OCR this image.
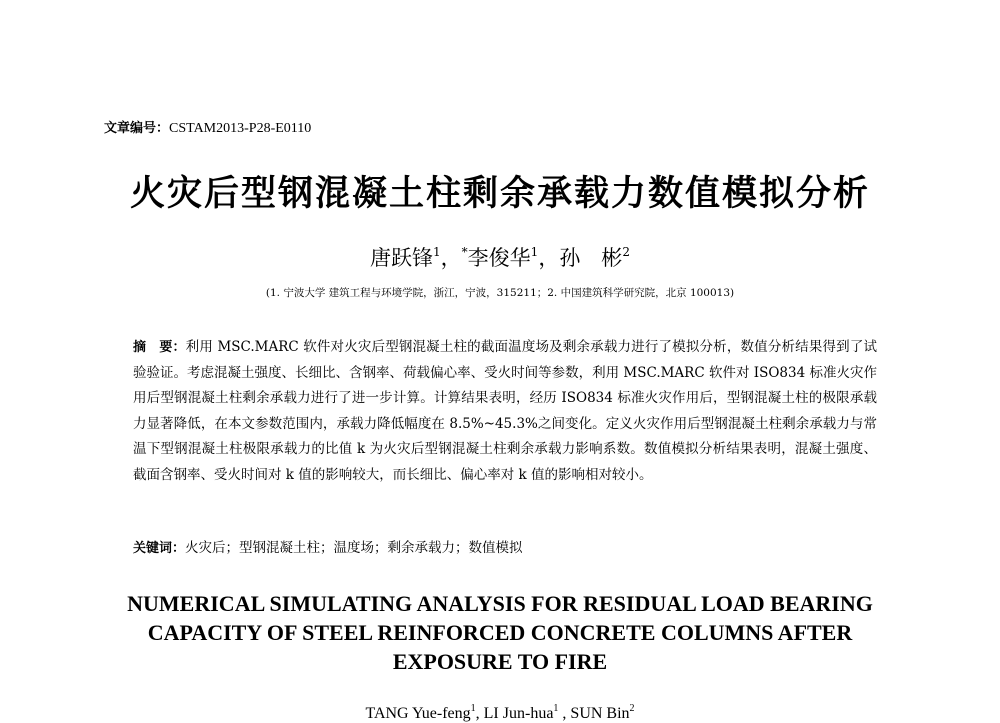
文章编号：CSTAM2013-P28-E0110
火灾后型钢混凝土柱剩余承载力数值模拟分析
唐跃锋$^1$，*李俊华$^1$，孙　彬$^2$
(1. 宁波大学 建筑工程与环境学院，浙江，宁波，315211；2. 中国建筑科学研究院，北京 100013)
摘　要：利用 MSC.MARC 软件对火灾后型钢混凝土柱的截面温度场及剩余承载力进行了模拟分析，数值分析结果得到了试验验证。考虑混凝土强度、长细比、含钢率、荷载偏心率、受火时间等参数，利用 MSC.MARC 软件对 ISO834 标准火灾作用后型钢混凝土柱剩余承载力进行了进一步计算。计算结果表明，经历 ISO834 标准火灾作用后，型钢混凝土柱的极限承载力显著降低，在本文参数范围内，承载力降低幅度在 8.5%~45.3%之间变化。定义火灾作用后型钢混凝土柱剩余承载力与常温下型钢混凝土柱极限承载力的比值 k 为火灾后型钢混凝土柱剩余承载力影响系数。数值模拟分析结果表明，混凝土强度、截面含钢率、受火时间对 k 值的影响较大，而长细比、偏心率对 k 值的影响相对较小。
关键词：火灾后；型钢混凝土柱；温度场；剩余承载力；数值模拟
NUMERICAL SIMULATING ANALYSIS FOR RESIDUAL LOAD BEARING
CAPACITY OF STEEL REINFORCED CONCRETE COLUMNS AFTER
EXPOSURE TO FIRE
TANG Yue-feng$^1$, LI Jun-hua$^1$ , SUN Bin$^2$
